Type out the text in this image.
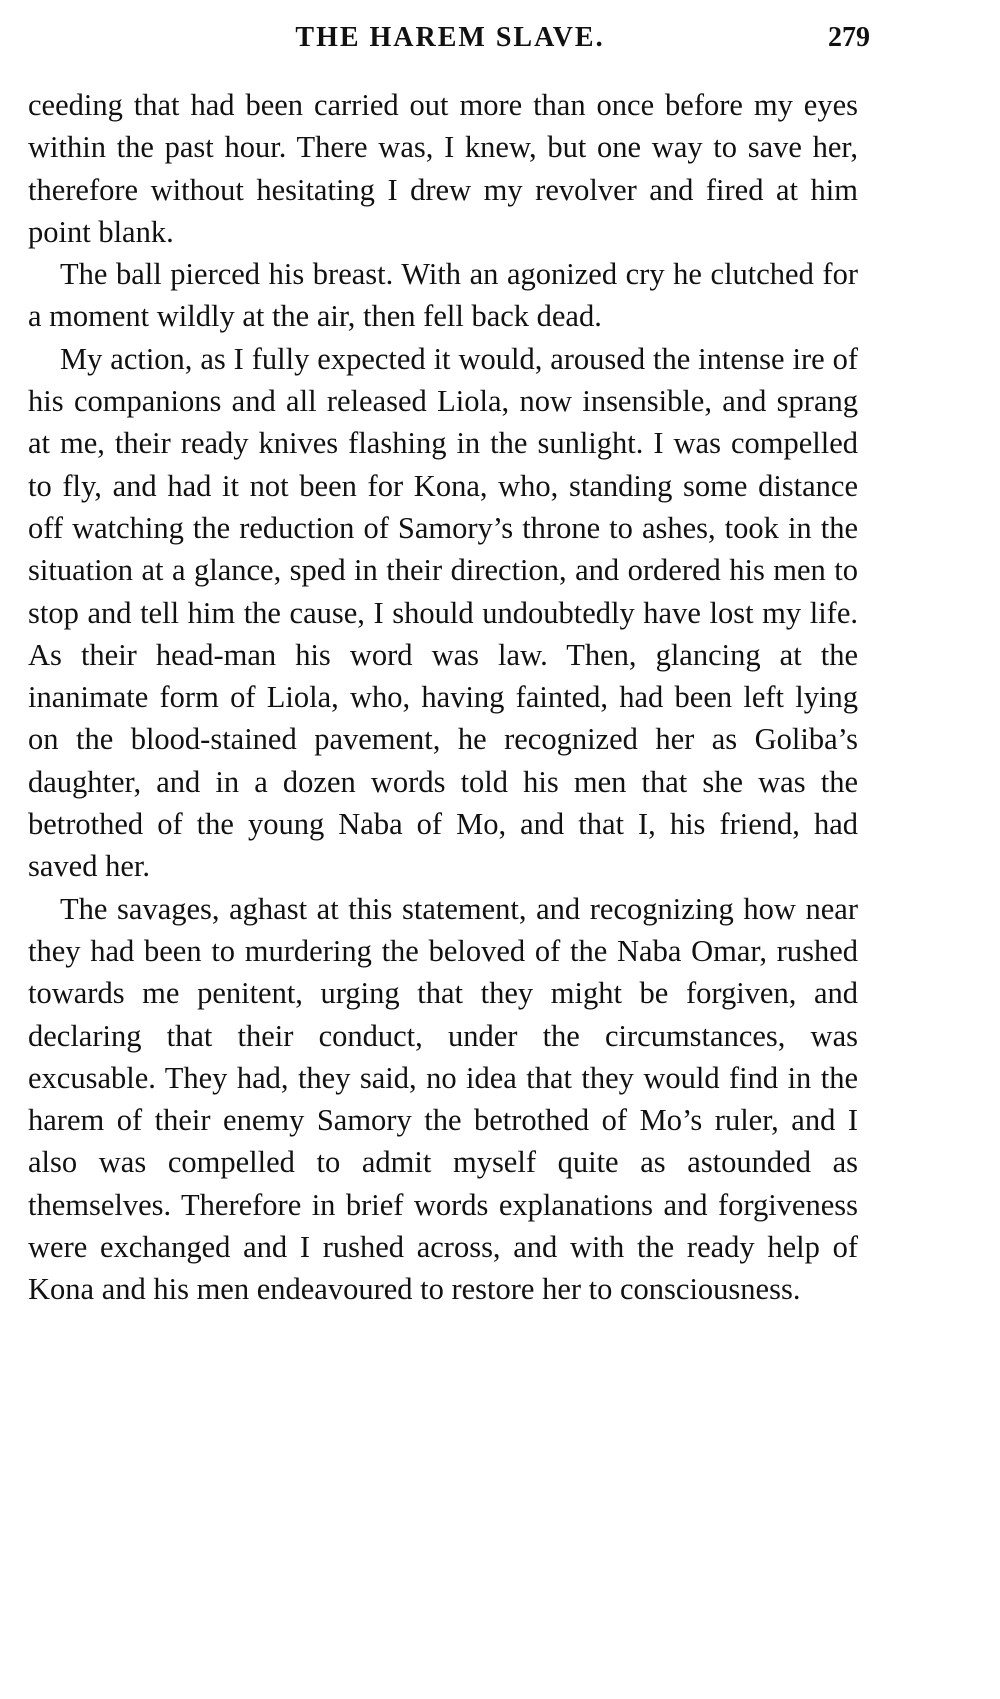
THE HAREM SLAVE.	279

ceeding that had been carried out more than once before my eyes within the past hour. There was, I knew, but one way to save her, therefore without hesitating I drew my revolver and fired at him point blank.

The ball pierced his breast. With an agonized cry he clutched for a moment wildly at the air, then fell back dead.

My action, as I fully expected it would, aroused the intense ire of his companions and all released Liola, now insensible, and sprang at me, their ready knives flashing in the sunlight. I was compelled to fly, and had it not been for Kona, who, standing some distance off watching the reduction of Samory’s throne to ashes, took in the situation at a glance, sped in their direction, and ordered his men to stop and tell him the cause, I should undoubtedly have lost my life. As their head-man his word was law. Then, glancing at the inanimate form of Liola, who, having fainted, had been left lying on the blood-stained pavement, he recognized her as Goliba’s daughter, and in a dozen words told his men that she was the betrothed of the young Naba of Mo, and that I, his friend, had saved her.

The savages, aghast at this statement, and recognizing how near they had been to murdering the beloved of the Naba Omar, rushed towards me penitent, urging that they might be forgiven, and declaring that their conduct, under the circumstances, was excusable. They had, they said, no idea that they would find in the harem of their enemy Samory the betrothed of Mo’s ruler, and I also was compelled to admit myself quite as astounded as themselves. Therefore in brief words explanations and forgiveness were exchanged and I rushed across, and with the ready help of Kona and his men endeavoured to restore her to consciousness.
